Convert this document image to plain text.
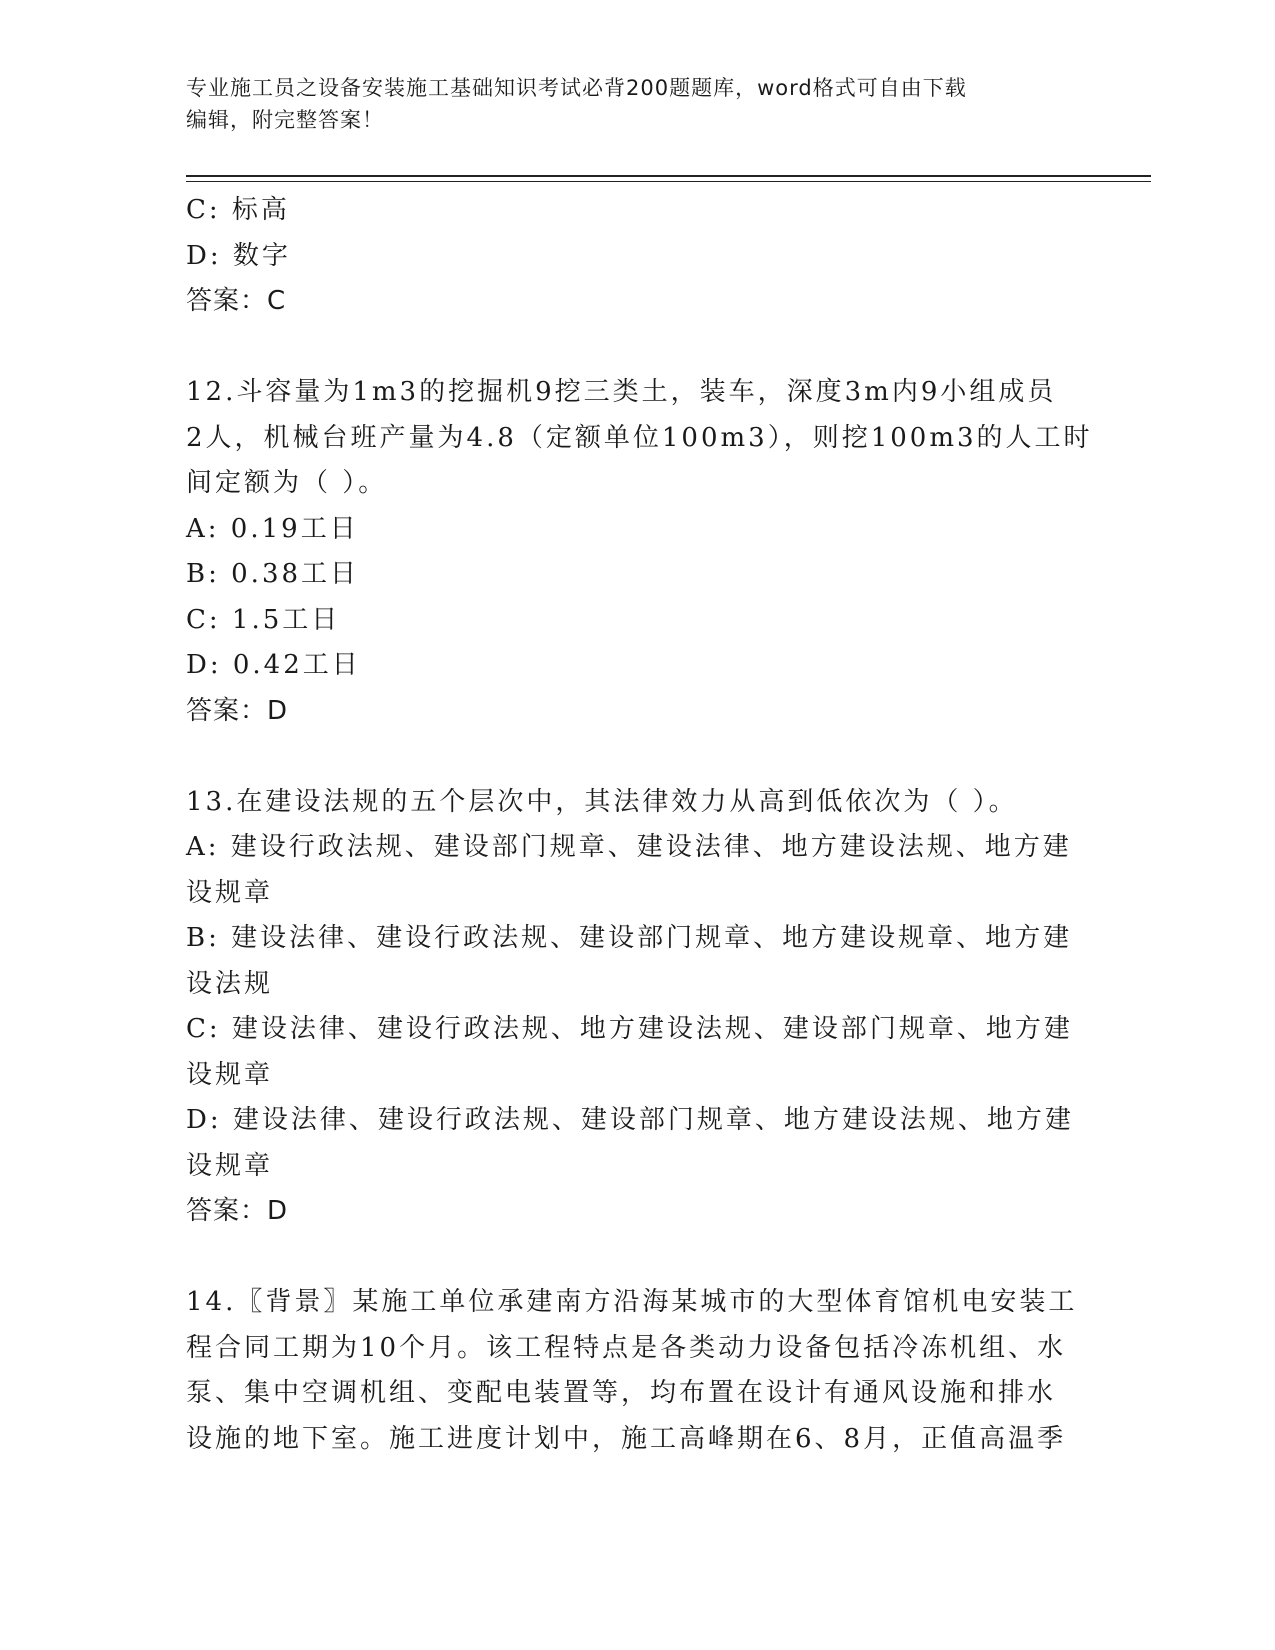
专业施工员之设备安装施工基础知识考试必背200题题库，word格式可自由下载
编辑，附完整答案！
C: 标高
D: 数字
答案：C
12.斗容量为1m3的挖掘机9挖三类土，装车，深度3m内9小组成员
2人，机械台班产量为4.8（定额单位100m3），则挖100m3的人工时
间定额为（ ）。
A: 0.19工日
B: 0.38工日
C: 1.5工日
D: 0.42工日
答案：D
13.在建设法规的五个层次中，其法律效力从高到低依次为（ ）。
A: 建设行政法规、建设部门规章、建设法律、地方建设法规、地方建
设规章
B: 建设法律、建设行政法规、建设部门规章、地方建设规章、地方建
设法规
C: 建设法律、建设行政法规、地方建设法规、建设部门规章、地方建
设规章
D: 建设法律、建设行政法规、建设部门规章、地方建设法规、地方建
设规章
答案：D
14.〖背景〗某施工单位承建南方沿海某城市的大型体育馆机电安装工
程合同工期为10个月。该工程特点是各类动力设备包括冷冻机组、水
泵、集中空调机组、变配电装置等，均布置在设计有通风设施和排水
设施的地下室。施工进度计划中，施工高峰期在6、8月，正值高温季
